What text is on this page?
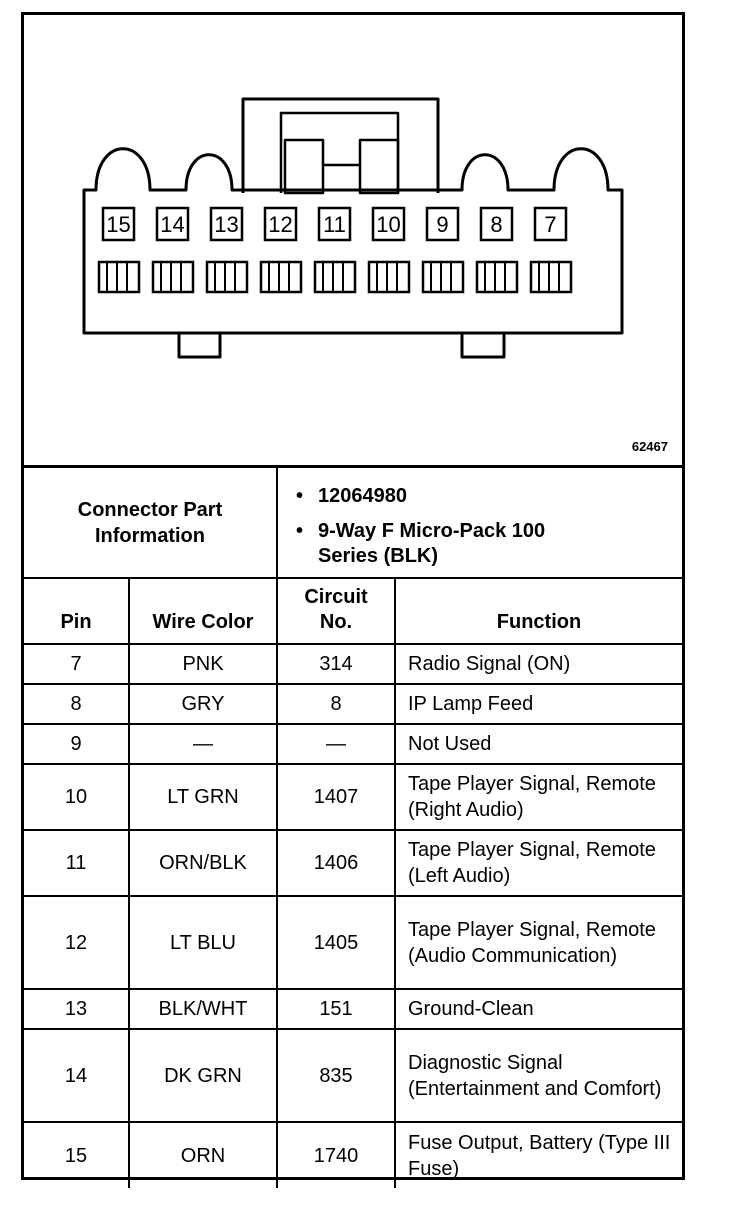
15 14 13 12 11 10 9 8 7
62467
Connector Part Information
• 12064980
• 9-Way F Micro-Pack 100 Series (BLK)
Pin	Wire Color	Circuit No.	Function
7	PNK	314	Radio Signal (ON)
8	GRY	8	IP Lamp Feed
9	—	—	Not Used
10	LT GRN	1407	Tape Player Signal, Remote (Right Audio)
11	ORN/BLK	1406	Tape Player Signal, Remote (Left Audio)
12	LT BLU	1405	Tape Player Signal, Remote (Audio Communication)
13	BLK/WHT	151	Ground-Clean
14	DK GRN	835	Diagnostic Signal (Entertainment and Comfort)
15	ORN	1740	Fuse Output, Battery (Type III Fuse)
